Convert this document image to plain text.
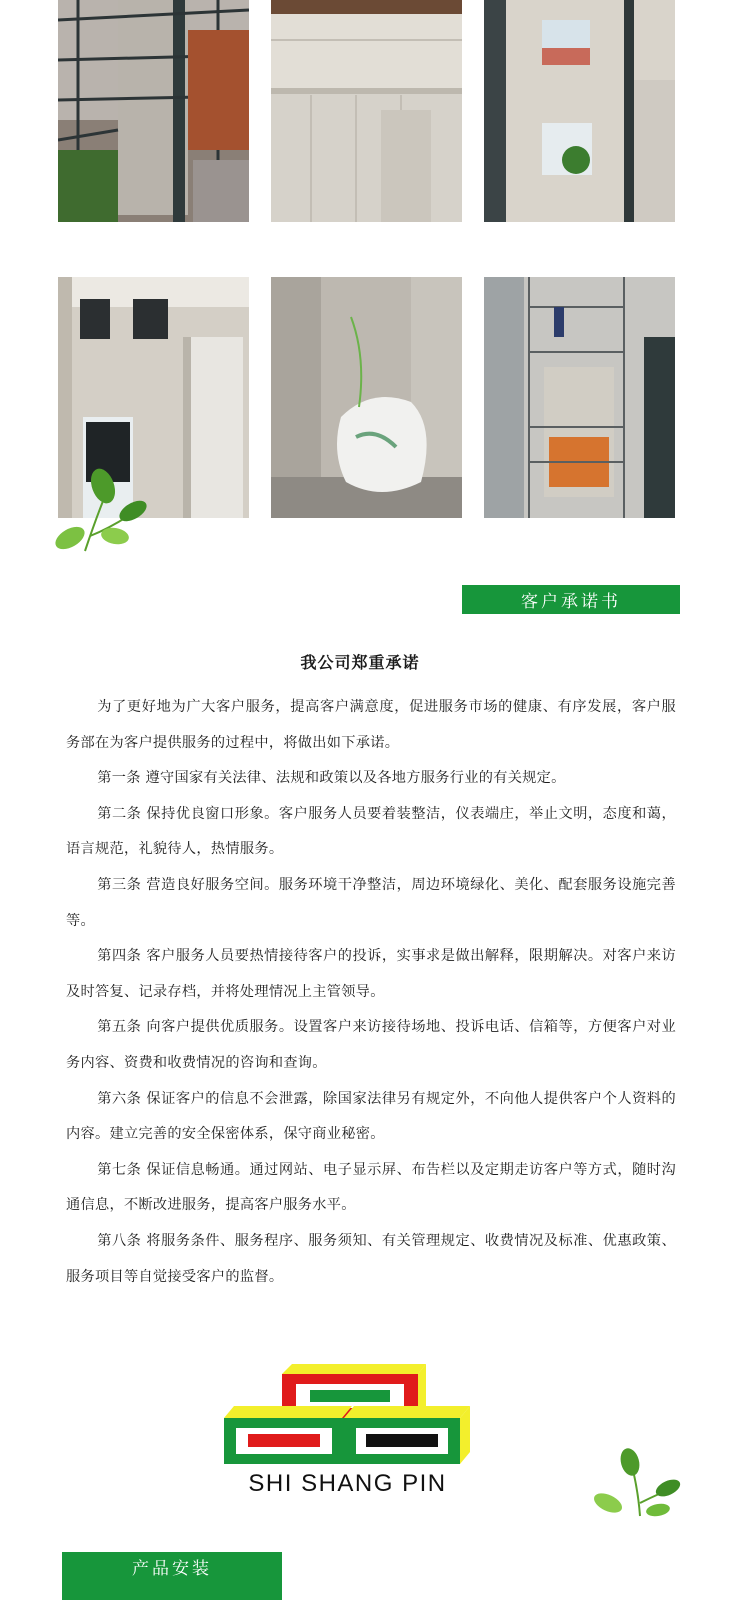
客户承诺书
我公司郑重承诺

为了更好地为广大客户服务，提高客户满意度，促进服务市场的健康、有序发展，客户服务部在为客户提供服务的过程中，将做出如下承诺。

第一条 遵守国家有关法律、法规和政策以及各地方服务行业的有关规定。

第二条 保持优良窗口形象。客户服务人员要着装整洁，仪表端庄，举止文明，态度和蔼，语言规范，礼貌待人，热情服务。

第三条 营造良好服务空间。服务环境干净整洁，周边环境绿化、美化、配套服务设施完善等。

第四条 客户服务人员要热情接待客户的投诉，实事求是做出解释，限期解决。对客户来访及时答复、记录存档，并将处理情况上主管领导。

第五条 向客户提供优质服务。设置客户来访接待场地、投诉电话、信箱等，方便客户对业务内容、资费和收费情况的咨询和查询。

第六条 保证客户的信息不会泄露，除国家法律另有规定外，不向他人提供客户个人资料的内容。建立完善的安全保密体系，保守商业秘密。

第七条 保证信息畅通。通过网站、电子显示屏、布告栏以及定期走访客户等方式，随时沟通信息，不断改进服务，提高客户服务水平。

第八条 将服务条件、服务程序、服务须知、有关管理规定、收费情况及标准、优惠政策、服务项目等自觉接受客户的监督。

SHI SHANG PIN
产品安装
